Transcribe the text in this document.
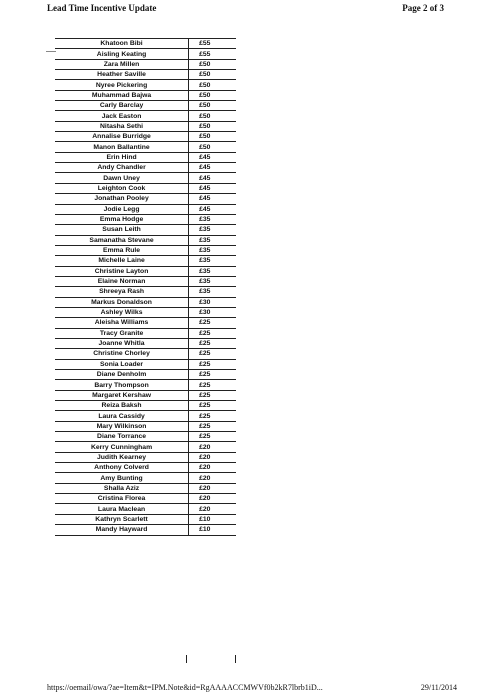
Lead Time Incentive Update	Page 2 of 3
Khatoon Bibi	£55
Aisling Keating	£55
Zara Millen	£50
Heather Saville	£50
Nyree Pickering	£50
Muhammad Bajwa	£50
Carly Barclay	£50
Jack Easton	£50
Nitasha Sethi	£50
Annalise Burridge	£50
Manon Ballantine	£50
Erin Hind	£45
Andy Chandler	£45
Dawn Uney	£45
Leighton Cook	£45
Jonathan Pooley	£45
Jodie Legg	£45
Emma Hodge	£35
Susan Leith	£35
Samanatha Stevane	£35
Emma Rule	£35
Michelle Laine	£35
Christine Layton	£35
Elaine Norman	£35
Shreeya Rash	£35
Markus Donaldson	£30
Ashley Wilks	£30
Aleisha Williams	£25
Tracy Granite	£25
Joanne Whitla	£25
Christine Chorley	£25
Sonia Loader	£25
Diane Denholm	£25
Barry Thompson	£25
Margaret Kershaw	£25
Reiza Baksh	£25
Laura Cassidy	£25
Mary Wilkinson	£25
Diane Torrance	£25
Kerry Cunningham	£20
Judith Kearney	£20
Anthony Colverd	£20
Amy Bunting	£20
Shalla Aziz	£20
Cristina Florea	£20
Laura Maclean	£20
Kathryn Scarlett	£10
Mandy Hayward	£10
https://oemail/owa/?ae=Item&t=IPM.Note&id=RgAAAACCMWVf0b2kR7lbrb1iD...	29/11/2014
